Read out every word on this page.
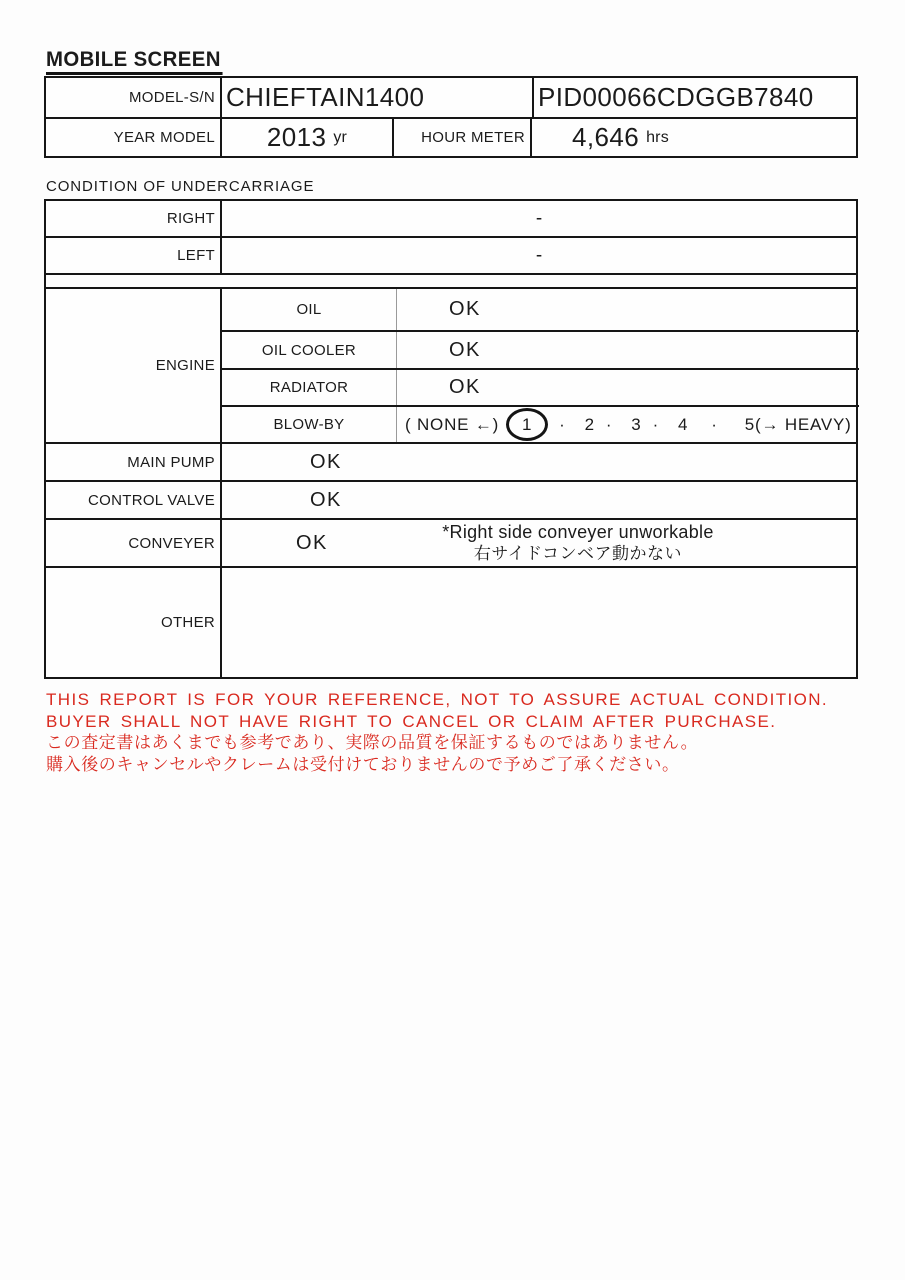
MOBILE SCREEN
MODEL-S/N CHIEFTAIN1400	PID00066CDGGB7840
YEAR MODEL 2013 yr	HOUR METER 4,646 hrs
CONDITION OF UNDERCARRIAGE
RIGHT	-
LEFT	-
ENGINE
OIL	OK
OIL COOLER	OK
RADIATOR	OK
BLOW-BY	( NONE ←) 1 · 2 · 3 · 4 · 5 (→ HEAVY)
MAIN PUMP	OK
CONTROL VALVE	OK
CONVEYER	OK	*Right side conveyer unworkable
右サイドコンベア動かない
OTHER
THIS REPORT IS FOR YOUR REFERENCE, NOT TO ASSURE ACTUAL CONDITION.
BUYER SHALL NOT HAVE RIGHT TO CANCEL OR CLAIM AFTER PURCHASE.
この査定書はあくまでも参考であり、実際の品質を保証するものではありません。
購入後のキャンセルやクレームは受付けておりませんので予めご了承ください。
